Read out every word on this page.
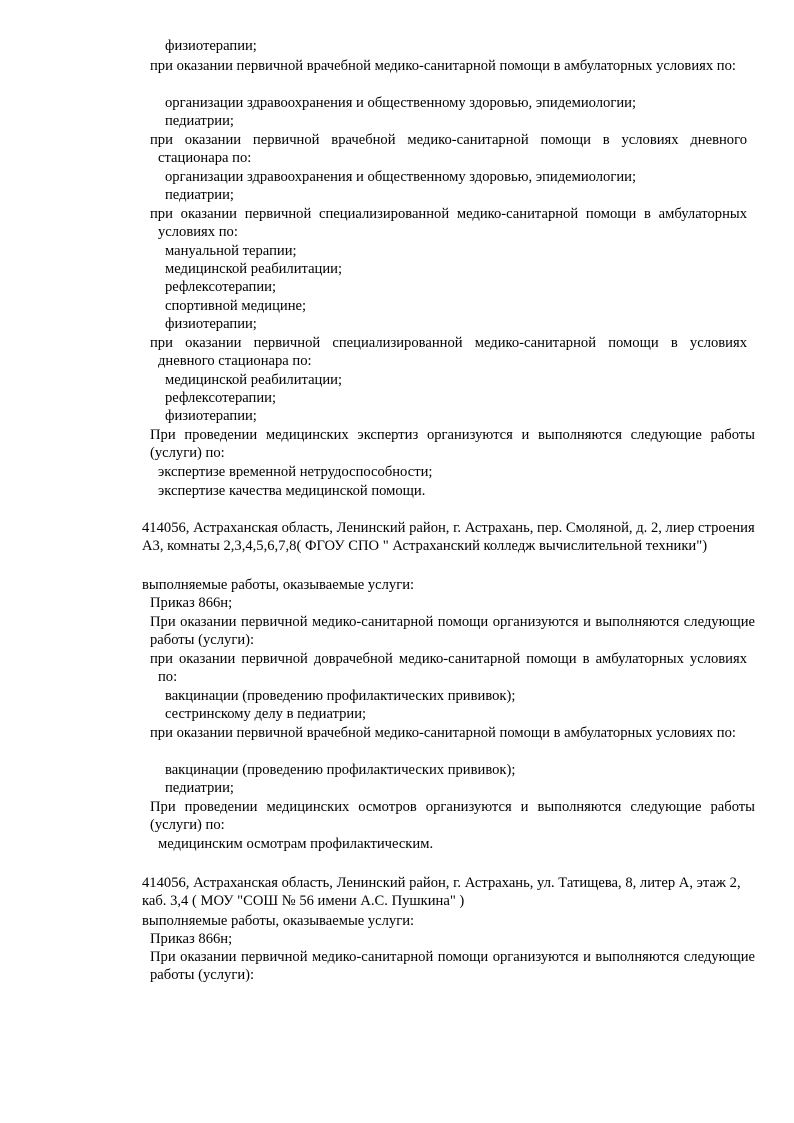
физиотерапии;

при оказании первичной врачебной медико-санитарной помощи в амбулаторных условиях по:

организации здравоохранения и общественному здоровью, эпидемиологии;

педиатрии;

при оказании первичной врачебной медико-санитарной помощи в условиях дневного стационара по:

организации здравоохранения и общественному здоровью, эпидемиологии;

педиатрии;

при оказании первичной специализированной медико-санитарной помощи в амбулаторных условиях по:

мануальной терапии;

медицинской реабилитации;

рефлексотерапии;

спортивной медицине;

физиотерапии;

при оказании первичной специализированной медико-санитарной помощи в условиях дневного стационара по:

медицинской реабилитации;

рефлексотерапии;

физиотерапии;

При проведении медицинских экспертиз организуются и выполняются следующие работы (услуги) по:

экспертизе временной нетрудоспособности;

экспертизе качества медицинской помощи.

414056, Астраханская область, Ленинский район, г. Астрахань, пер. Смоляной, д. 2, лиер строения А3, комнаты 2,3,4,5,6,7,8( ФГОУ СПО " Астраханский колледж вычислительной техники")

выполняемые работы, оказываемые услуги:

Приказ 866н;

При оказании первичной медико-санитарной помощи организуются и выполняются следующие работы (услуги):

при оказании первичной доврачебной медико-санитарной помощи в амбулаторных условиях по:

вакцинации (проведению профилактических прививок);

сестринскому делу в педиатрии;

при оказании первичной врачебной медико-санитарной помощи в амбулаторных условиях по:

вакцинации (проведению профилактических прививок);

педиатрии;

При проведении медицинских осмотров организуются и выполняются следующие работы (услуги) по:

медицинским осмотрам профилактическим.

414056, Астраханская область, Ленинский район, г. Астрахань, ул. Татищева, 8, литер А, этаж 2, каб. 3,4 ( МОУ "СОШ № 56 имени А.С. Пушкина" )

выполняемые работы, оказываемые услуги:

Приказ 866н;

При оказании первичной медико-санитарной помощи организуются и выполняются следующие работы (услуги):
